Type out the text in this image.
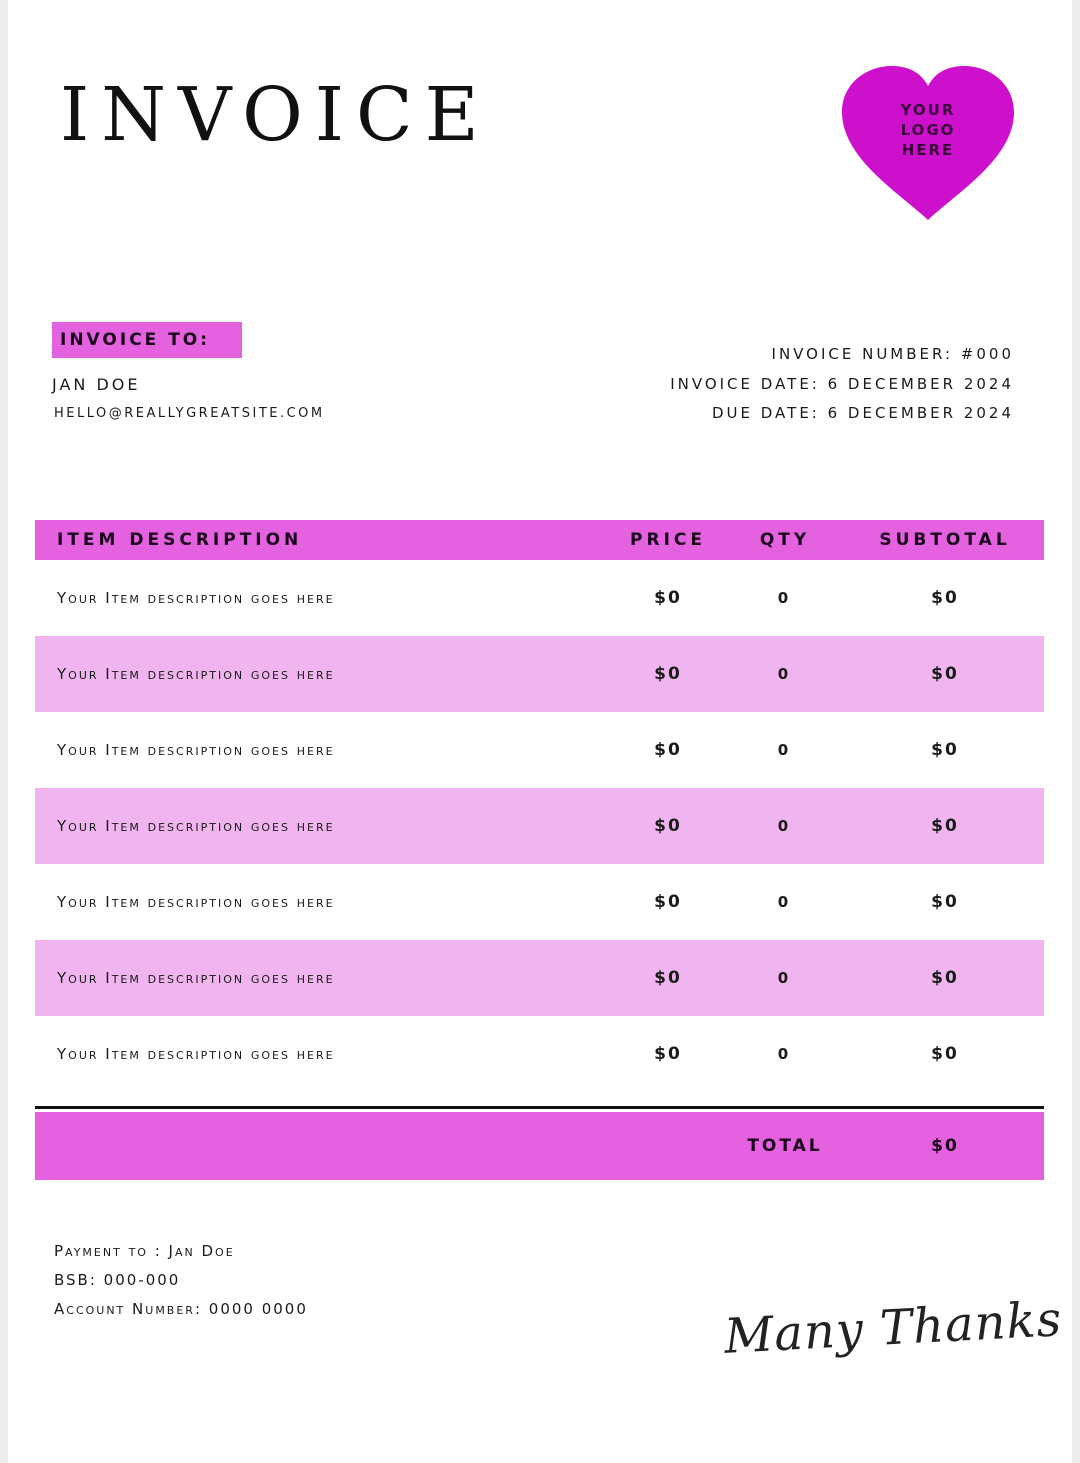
INVOICE	YOUR
LOGO
HERE
INVOICE TO:
JAN DOE
HELLO@REALLYGREATSITE.COM
INVOICE NUMBER: #000
INVOICE DATE: 6 DECEMBER 2024
DUE DATE: 6 DECEMBER 2024
ITEM DESCRIPTION	PRICE	QTY	SUBTOTAL
Your Item description goes here	$0	0	$0
Your Item description goes here	$0	0	$0
Your Item description goes here	$0	0	$0
Your Item description goes here	$0	0	$0
Your Item description goes here	$0	0	$0
Your Item description goes here	$0	0	$0
Your Item description goes here	$0	0	$0
TOTAL	$0
Payment to : Jan Doe
BSB: 000-000
Account Number: 0000 0000	Many Thanks
